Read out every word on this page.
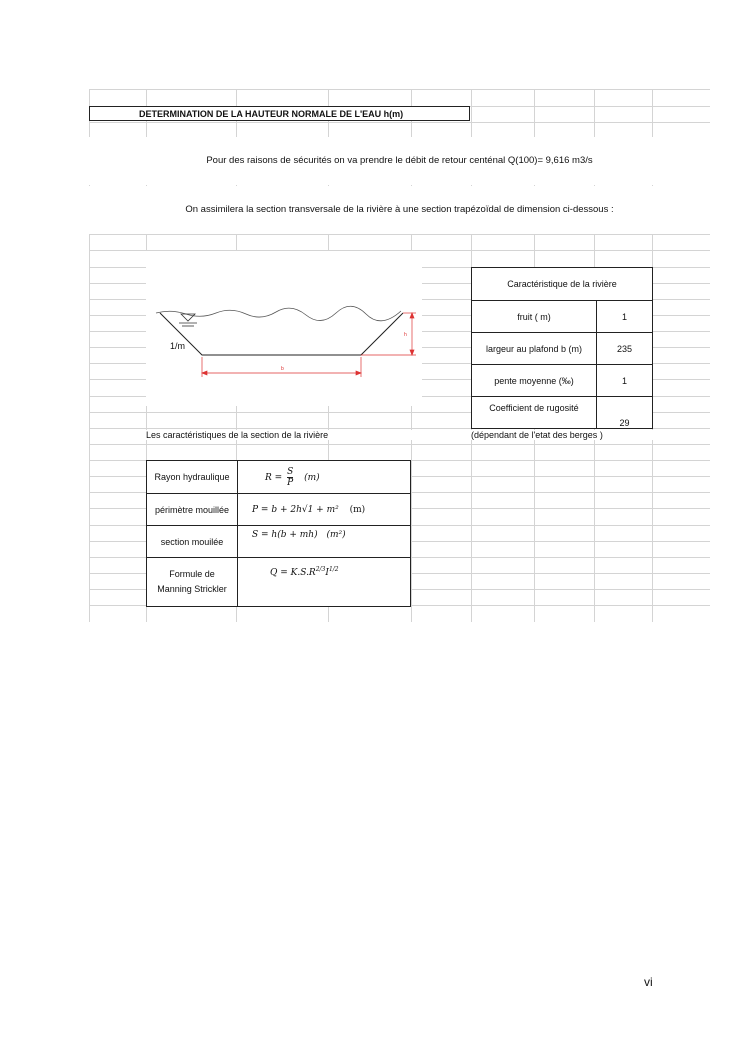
DETERMINATION DE LA HAUTEUR NORMALE DE L'EAU h(m)
Pour des raisons de sécurités on va prendre le débit de retour centénal Q(100)= 9,616 m3/s
On assimilera la section transversale de la rivière à une section trapézoïdal de dimension ci-dessous :
b
h
1/m
Caractéristique de la rivière	
fruit ( m)	1
largeur au plafond b (m)	235
pente moyenne (‰)	1
Coefficient de rugosité	29
Les caractéristiques de la section de la rivière	(dépendant de l'etat des berges )
Rayon hydraulique	$R = \frac{S}{P} (m)$
périmètre mouillée	P = b + 2h√1 + m² (m)
section mouilée	S = h(b + mh) (m²)
Formule de
Manning Strickler	$Q = K.S.R^{2/3}I^{1/2}$
vi
